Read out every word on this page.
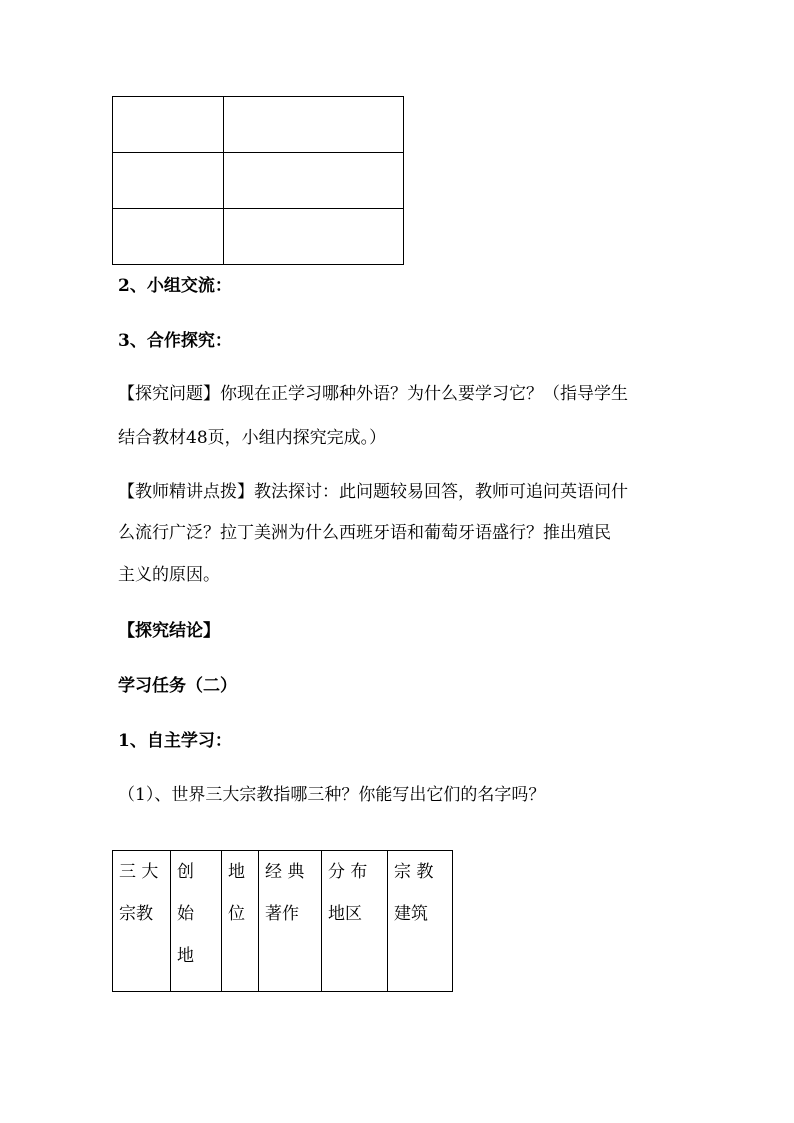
2、小组交流：
3、合作探究：
【探究问题】你现在正学习哪种外语？为什么要学习它？（指导学生
结合教材48页，小组内探究完成。）
【教师精讲点拨】教法探讨：此问题较易回答，教师可追问英语问什
么流行广泛？拉丁美洲为什么西班牙语和葡萄牙语盛行？推出殖民
主义的原因。
【探究结论】
学习任务（二）
1、自主学习：
（1）、世界三大宗教指哪三种？你能写出它们的名字吗？
三 大
宗教

创
始
地

地
位

经 典
著作

分 布
地区

宗 教
建筑
